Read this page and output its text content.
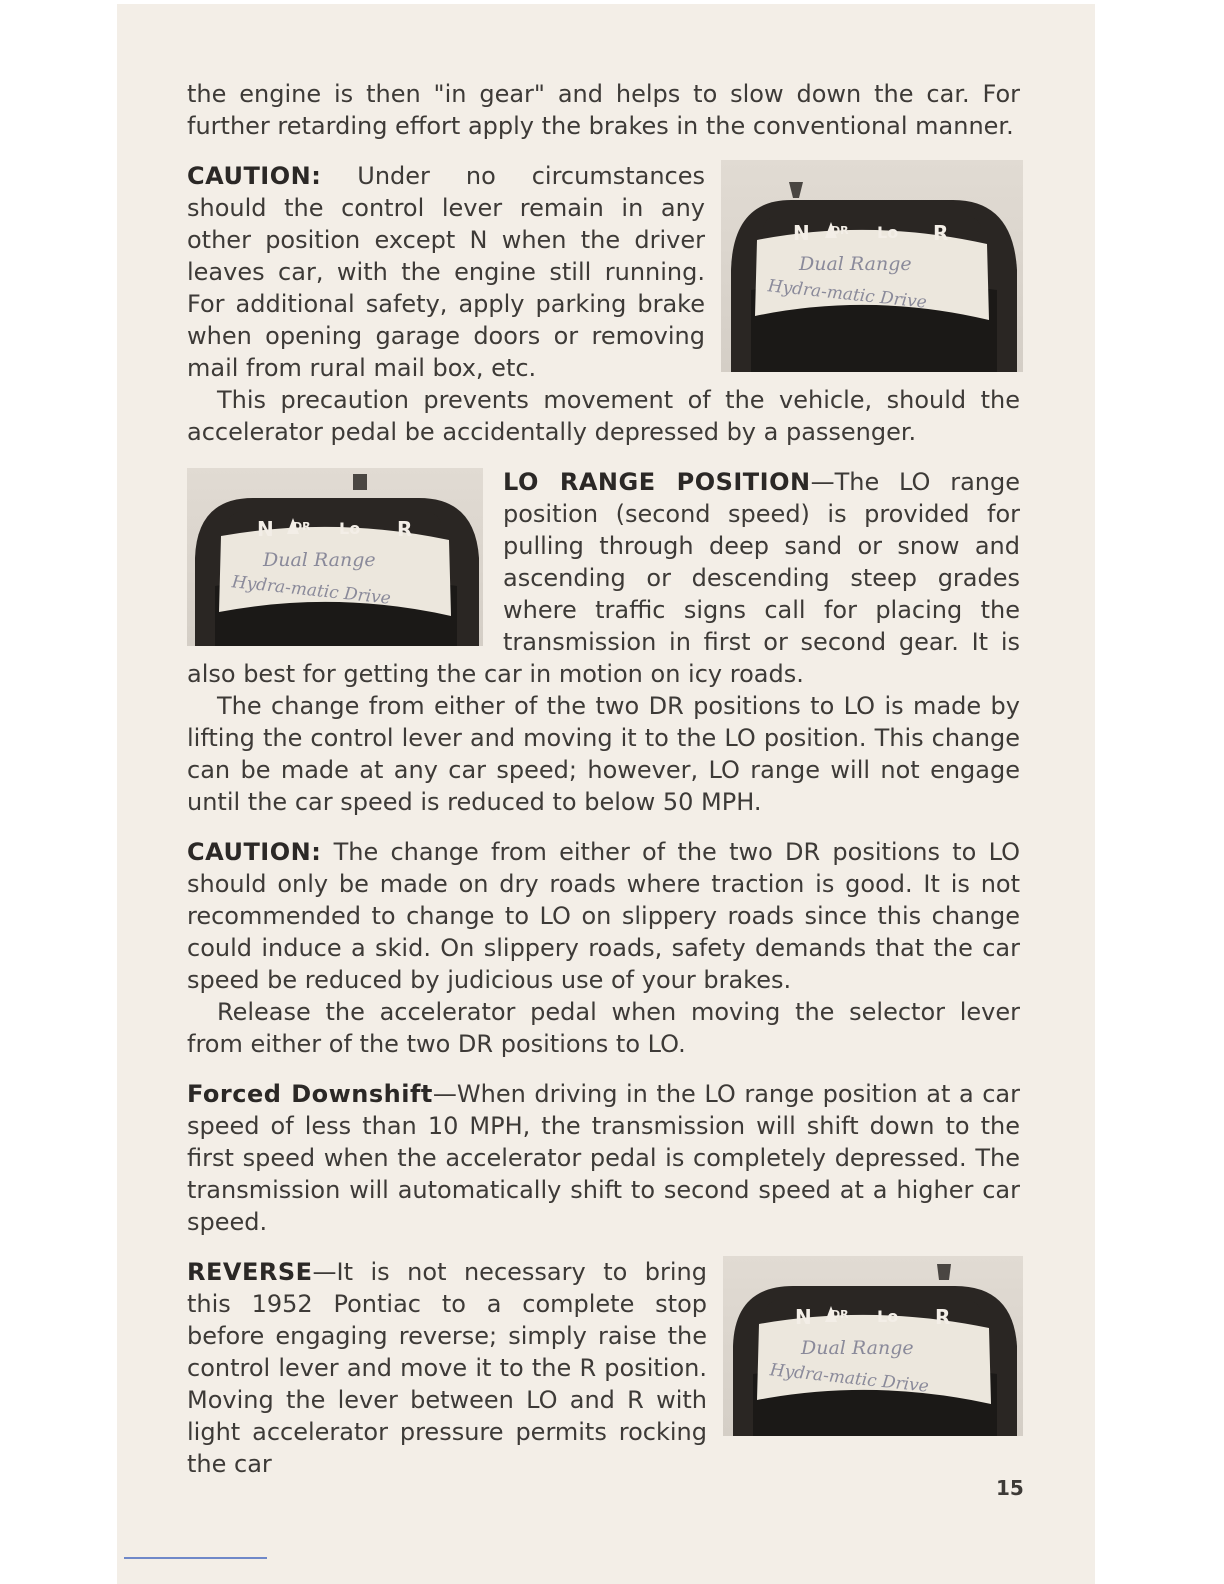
the engine is then "in gear" and helps to slow down the car. For further retarding effort apply the brakes in the conventional manner.

N DR Lo R
Dual Range
Hydra-matic Drive

CAUTION: Under no circumstances should the control lever remain in any other position except N when the driver leaves car, with the engine still running. For additional safety, apply parking brake when opening garage doors or removing mail from rural mail box, etc.

This precaution prevents movement of the vehicle, should the accelerator pedal be accidentally depressed by a passenger.

N DR Lo R
Dual Range
Hydra-matic Drive

LO RANGE POSITION—The LO range position (second speed) is provided for pulling through deep sand or snow and ascending or descending steep grades where traffic signs call for placing the transmission in first or second gear. It is also best for getting the car in motion on icy roads.

The change from either of the two DR positions to LO is made by lifting the control lever and moving it to the LO position. This change can be made at any car speed; however, LO range will not engage until the car speed is reduced to below 50 MPH.

CAUTION: The change from either of the two DR positions to LO should only be made on dry roads where traction is good. It is not recommended to change to LO on slippery roads since this change could induce a skid. On slippery roads, safety demands that the car speed be reduced by judicious use of your brakes.

Release the accelerator pedal when moving the selector lever from either of the two DR positions to LO.

Forced Downshift—When driving in the LO range position at a car speed of less than 10 MPH, the transmission will shift down to the first speed when the accelerator pedal is completely depressed. The transmission will automatically shift to second speed at a higher car speed.

N DR Lo R
Dual Range
Hydra-matic Drive

REVERSE—It is not necessary to bring this 1952 Pontiac to a complete stop before engaging reverse; simply raise the control lever and move it to the R position. Moving the lever between LO and R with light accelerator pressure permits rocking the car

15
